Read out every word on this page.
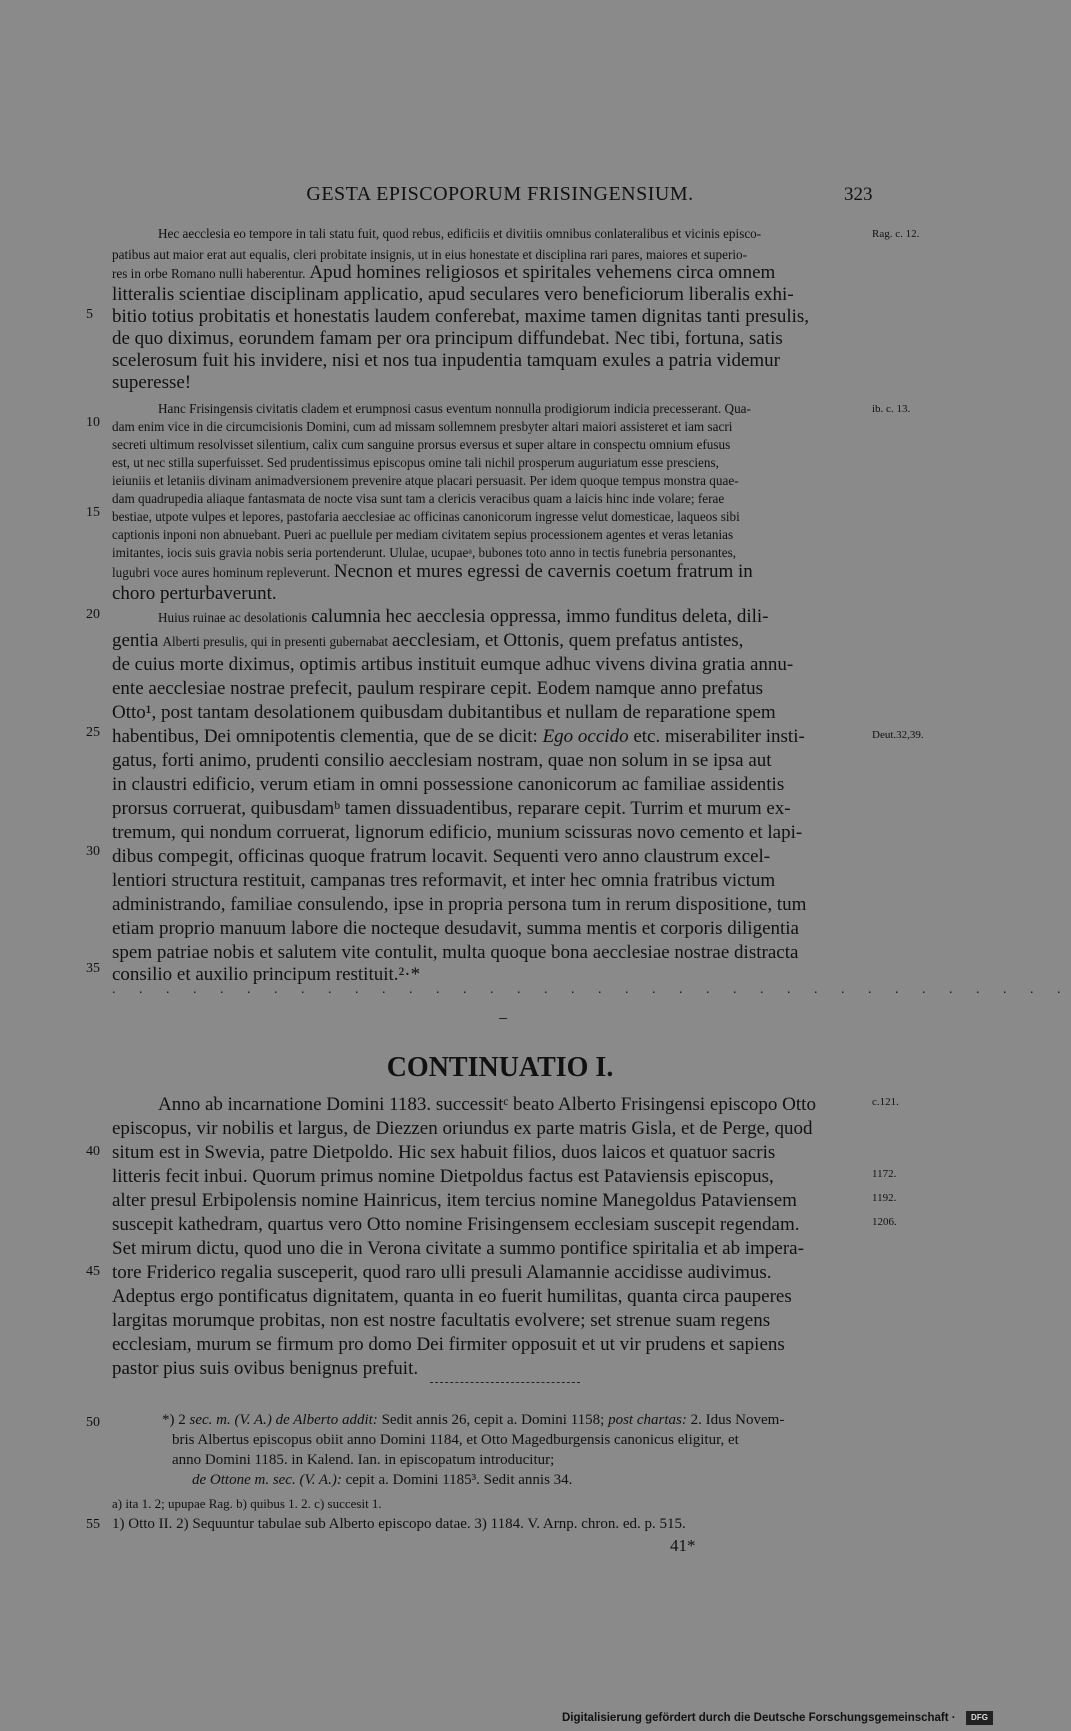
GESTA EPISCOPORUM FRISINGENSIUM.	323
Rag. c. 12.
ib. c. 13.
Deut.32,39.
c.121.
1172.
1192.
1206.
5
10
15
20
25
30
35
40
45
50
55
Hec aecclesia eo tempore in tali statu fuit, quod rebus, edificiis et divitiis omnibus conlateralibus et vicinis episco-
patibus aut maior erat aut equalis, cleri probitate insignis, ut in eius honestate et disciplina rari pares, maiores et superio-
res in orbe Romano nulli haberentur. Apud homines religiosos et spiritales vehemens circa omnem
litteralis scientiae disciplinam applicatio, apud seculares vero beneficiorum liberalis exhi-
bitio totius probitatis et honestatis laudem conferebat, maxime tamen dignitas tanti presulis,
de quo diximus, eorundem famam per ora principum diffundebat. Nec tibi, fortuna, satis
scelerosum fuit his invidere, nisi et nos tua inpudentia tamquam exules a patria videmur
superesse!
Hanc Frisingensis civitatis cladem et erumpnosi casus eventum nonnulla prodigiorum indicia precesserant. Qua-
dam enim vice in die circumcisionis Domini, cum ad missam sollemnem presbyter altari maiori assisteret et iam sacri
secreti ultimum resolvisset silentium, calix cum sanguine prorsus eversus et super altare in conspectu omnium efusus
est, ut nec stilla superfuisset. Sed prudentissimus episcopus omine tali nichil prosperum auguriatum esse presciens,
ieiuniis et letaniis divinam animadversionem prevenire atque placari persuasit. Per idem quoque tempus monstra quae-
dam quadrupedia aliaque fantasmata de nocte visa sunt tam a clericis veracibus quam a laicis hinc inde volare; ferae
bestiae, utpote vulpes et lepores, pastofaria aecclesiae ac officinas canonicorum ingresse velut domesticae, laqueos sibi
captionis inponi non abnuebant. Pueri ac puellule per mediam civitatem sepius processionem agentes et veras letanias
imitantes, iocis suis gravia nobis seria portenderunt. Ululae, ucupaeᵃ, bubones toto anno in tectis funebria personantes,
lugubri voce aures hominum repleverunt. Necnon et mures egressi de cavernis coetum fratrum in
choro perturbaverunt.
Huius ruinae ac desolationis calumnia hec aecclesia oppressa, immo funditus deleta, dili-
gentia Alberti presulis, qui in presenti gubernabat aecclesiam, et Ottonis, quem prefatus antistes,
de cuius morte diximus, optimis artibus instituit eumque adhuc vivens divina gratia annu-
ente aecclesiae nostrae prefecit, paulum respirare cepit. Eodem namque anno prefatus
Otto¹, post tantam desolationem quibusdam dubitantibus et nullam de reparatione spem
habentibus, Dei omnipotentis clementia, que de se dicit: Ego occido etc. miserabiliter insti-
gatus, forti animo, prudenti consilio aecclesiam nostram, quae non solum in se ipsa aut
in claustri edificio, verum etiam in omni possessione canonicorum ac familiae assidentis
prorsus corruerat, quibusdamᵇ tamen dissuadentibus, reparare cepit. Turrim et murum ex-
tremum, qui nondum corruerat, lignorum edificio, munium scissuras novo cemento et lapi-
dibus compegit, officinas quoque fratrum locavit. Sequenti vero anno claustrum excel-
lentiori structura restituit, campanas tres reformavit, et inter hec omnia fratribus victum
administrando, familiae consulendo, ipse in propria persona tum in rerum dispositione, tum
etiam proprio manuum labore die nocteque desudavit, summa mentis et corporis diligentia
spem patriae nobis et salutem vite contulit, multa quoque bona aecclesiae nostrae distracta
consilio et auxilio principum restituit.²·*
. . . . . . . . . . . . . . . . . . . . . . . . . . . . . . . . . . . .
CONTINUATIO I.
Anno ab incarnatione Domini 1183. successitᶜ beato Alberto Frisingensi episcopo Otto
episcopus, vir nobilis et largus, de Diezzen oriundus ex parte matris Gisla, et de Perge, quod
situm est in Swevia, patre Dietpoldo. Hic sex habuit filios, duos laicos et quatuor sacris
litteris fecit inbui. Quorum primus nomine Dietpoldus factus est Pataviensis episcopus,
alter presul Erbipolensis nomine Hainricus, item tercius nomine Manegoldus Pataviensem
suscepit kathedram, quartus vero Otto nomine Frisingensem ecclesiam suscepit regendam.
Set mirum dictu, quod uno die in Verona civitate a summo pontifice spiritalia et ab impera-
tore Friderico regalia susceperit, quod raro ulli presuli Alamannie accidisse audivimus.
Adeptus ergo pontificatus dignitatem, quanta in eo fuerit humilitas, quanta circa pauperes
largitas morumque probitas, non est nostre facultatis evolvere; set strenue suam regens
ecclesiam, murum se firmum pro domo Dei firmiter opposuit et ut vir prudens et sapiens
pastor pius suis ovibus benignus prefuit.
*) 2 sec. m. (V. A.) de Alberto addit: Sedit annis 26, cepit a. Domini 1158; post chartas: 2. Idus Novem-
bris Albertus episcopus obiit anno Domini 1184, et Otto Magedburgensis canonicus eligitur, et
anno Domini 1185. in Kalend. Ian. in episcopatum introducitur;
de Ottone m. sec. (V. A.): cepit a. Domini 1185³. Sedit annis 34.
a) ita 1. 2; upupae Rag. b) quibus 1. 2. c) succesit 1.
1) Otto II. 2) Sequuntur tabulae sub Alberto episcopo datae. 3) 1184. V. Arnp. chron. ed. p. 515.
41*
Digitalisierung gefördert durch die Deutsche Forschungsgemeinschaft ·	DFG
